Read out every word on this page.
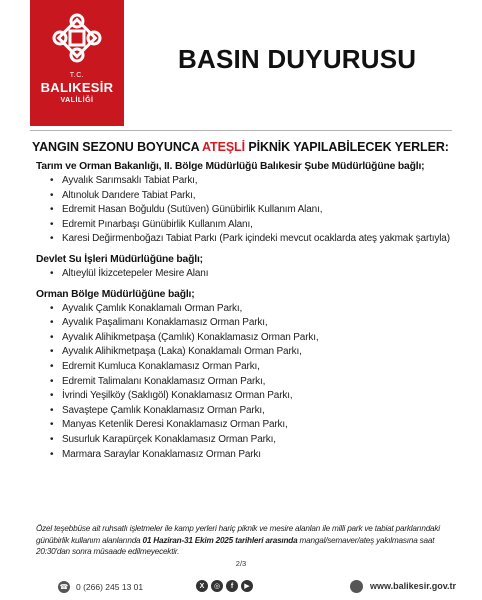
T.C.
BALIKESİR
VALİLİĞİ
BASIN DUYURUSU
YANGIN SEZONU BOYUNCA ATEŞLİ PİKNİK YAPILABİLECEK YERLER:
Tarım ve Orman Bakanlığı, II. Bölge Müdürlüğü Balıkesir Şube Müdürlüğüne bağlı;
• Ayvalık Sarımsaklı Tabiat Parkı,
• Altınoluk Darıdere Tabiat Parkı,
• Edremit Hasan Boğuldu (Sutüven) Günübirlik Kullanım Alanı,
• Edremit Pınarbaşı Günübirlik Kullanım Alanı,
• Karesi Değirmenboğazı Tabiat Parkı (Park içindeki mevcut ocaklarda ateş yakmak şartıyla)
Devlet Su İşleri Müdürlüğüne bağlı;
• Altıeylül İkizcetepeler Mesire Alanı
Orman Bölge Müdürlüğüne bağlı;
• Ayvalık Çamlık Konaklamalı Orman Parkı,
• Ayvalık Paşalimanı Konaklamasız Orman Parkı,
• Ayvalık Alihikmetpaşa (Çamlık) Konaklamasız Orman Parkı,
• Ayvalık Alihikmetpaşa (Laka) Konaklamalı Orman Parkı,
• Edremit Kumluca Konaklamasız Orman Parkı,
• Edremit Talimalanı Konaklamasız Orman Parkı,
• İvrindi Yeşilköy (Saklıgöl) Konaklamasız Orman Parkı,
• Savaştepe Çamlık Konaklamasız Orman Parkı,
• Manyas Ketenlik Deresi Konaklamasız Orman Parkı,
• Susurluk Karapürçek Konaklamasız Orman Parkı,
• Marmara Saraylar Konaklamasız Orman Parkı
Özel teşebbüse ait ruhsatlı işletmeler ile kamp yerleri hariç piknik ve mesire alanları ile milli park ve tabiat parklarındaki günübirlik kullanım alanlarında 01 Haziran-31 Ekim 2025 tarihleri arasında mangal/semaver/ateş yakılmasına saat 20:30'dan sonra müsaade edilmeyecektir.
2/3
☎ 0 (266) 245 13 01	X	◎	f	▶	www.balikesir.gov.tr
